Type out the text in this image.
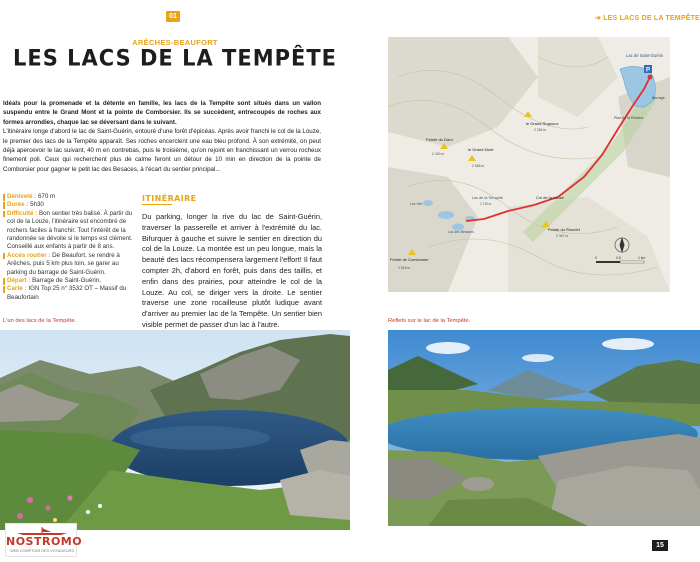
01
ARÊCHES-BEAUFORT
LES LACS DE LA TEMPÊTE
Idéals pour la promenade et la détente en famille, les lacs de la Tempête sont situés dans un vallon suspendu entre le Grand Mont et la pointe de Comborsier. Ils se succèdent, entrecoupés de roches aux formes arrondies, chaque lac se déversant dans le suivant.
L'itinéraire longe d'abord le lac de Saint-Guérin, entouré d'une forêt d'épicéas. Après avoir franchi le col de la Louze, le premier des lacs de la Tempête apparaît. Ses roches encerclent une eau bleu profond. À son extrémité, on peut déjà apercevoir le lac suivant, 40 m en contrebas, puis le troisième, qu'on rejoint en franchissant un verrou rocheux finement poli. Ceux qui recherchent plus de calme feront un détour de 10 min en direction de la pointe de Comborsier pour gagner le petit lac des Besaces, à l'écart du sentier principal...
Dénivelé : 670 m
Durée : 5h30
Difficulté : Bon sentier très balisé. À partir du col de la Louze, l'itinéraire est encombré de rochers faciles à franchir. Tout l'intérêt de la randonnée se dévoile si le temps est clément. Conseillé aux enfants à partir de 8 ans.
Accès routier : De Beaufort, se rendre à Arêches, puis 5 km plus loin, se garer au parking du barrage de Saint-Guérin.
Départ : Barrage de Saint-Guérin.
Carte : IGN Top 25 n° 3532 OT – Massif du Beaufortain
ITINÉRAIRE
Du parking, longer la rive du lac de Saint-Guérin, traverser la passerelle et arriver à l'extrémité du lac. Bifurquer à gauche et suivre le sentier en direction du col de la Louze. La montée est un peu longue, mais la beauté des lacs récompensera largement l'effort! Il faut compter 2h, d'abord en forêt, puis dans des taillis, et enfin dans des prairies, pour atteindre le col de la Louze. Au col, se diriger vers la droite. Le sentier traverse une zone rocailleuse plutôt ludique avant d'arriver au premier lac de la Tempête. Un sentier bien visible permet de passer d'un lac à l'autre.
L'un des lacs de la Tempête.
NOSTROMO
WEB COMPTOIR DES VOYAGEURS
➔ LES LACS DE LA TEMPÊTE
P
Lac de Saint-Guérin
Barrage
Plan de la Revière
le Grand Rognoux
2 264 m
Pointe du Dard
2 400 m
le Grand Mont
2 686 m
Lac de la Tempête
2 119 m
Col de la Louze
Lac des Besaces
Lac Vert
Pointe du Riondet
2 367 m
Pointe de Comborsier
2 516 m
0	0,5	1 km
Reflets sur le lac de la Tempête.
15
